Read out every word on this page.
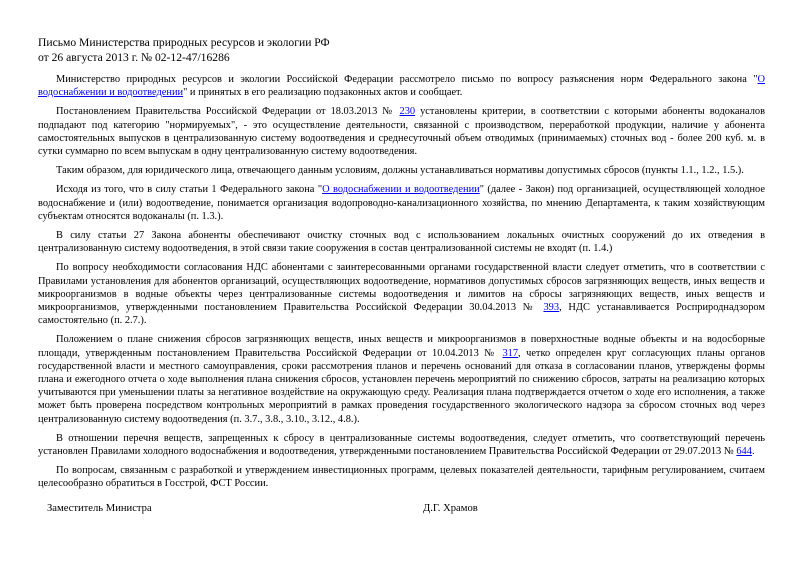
Письмо Министерства природных ресурсов и экологии РФ
от 26 августа 2013 г. № 02-12-47/16286

Министерство природных ресурсов и экологии Российской Федерации рассмотрело письмо по вопросу разъяснения норм Федерального закона "О водоснабжении и водоотведении" и принятых в его реализацию подзаконных актов и сообщает.

Постановлением Правительства Российской Федерации от 18.03.2013 № 230 установлены критерии, в соответствии с которыми абоненты водоканалов подпадают под категорию "нормируемых", - это осуществление деятельности, связанной с производством, переработкой продукции, наличие у абонента самостоятельных выпусков в централизованную систему водоотведения и среднесуточный объем отводимых (принимаемых) сточных вод - более 200 куб. м. в сутки суммарно по всем выпускам в одну централизованную систему водоотведения.

Таким образом, для юридического лица, отвечающего данным условиям, должны устанавливаться нормативы допустимых сбросов (пункты 1.1., 1.2., 1.5.).

Исходя из того, что в силу статьи 1 Федерального закона "О водоснабжении и водоотведении" (далее - Закон) под организацией, осуществляющей холодное водоснабжение и (или) водоотведение, понимается организация водопроводно-канализационного хозяйства, по мнению Департамента, к таким хозяйствующим субъектам относятся водоканалы (п. 1.3.).

В силу статьи 27 Закона абоненты обеспечивают очистку сточных вод с использованием локальных очистных сооружений до их отведения в централизованную систему водоотведения, в этой связи такие сооружения в состав централизованной системы не входят (п. 1.4.)

По вопросу необходимости согласования НДС абонентами с заинтересованными органами государственной власти следует отметить, что в соответствии с Правилами установления для абонентов организаций, осуществляющих водоотведение, нормативов допустимых сбросов загрязняющих веществ, иных веществ и микроорганизмов в водные объекты через централизованные системы водоотведения и лимитов на сбросы загрязняющих веществ, иных веществ и микроорганизмов, утвержденными постановлением Правительства Российской Федерации 30.04.2013 № 393, НДС устанавливается Росприроднадзором самостоятельно (п. 2.7.).

Положением о плане снижения сбросов загрязняющих веществ, иных веществ и микроорганизмов в поверхностные водные объекты и на водосборные площади, утвержденным постановлением Правительства Российской Федерации от 10.04.2013 № 317, четко определен круг согласующих планы органов государственной власти и местного самоуправления, сроки рассмотрения планов и перечень оснований для отказа в согласовании планов, утверждены формы плана и ежегодного отчета о ходе выполнения плана снижения сбросов, установлен перечень мероприятий по снижению сбросов, затраты на реализацию которых учитываются при уменьшении платы за негативное воздействие на окружающую среду. Реализация плана подтверждается отчетом о ходе его исполнения, а также может быть проверена посредством контрольных мероприятий в рамках проведения государственного экологического надзора за сбросом сточных вод через централизованную систему водоотведения (п. 3.7., 3.8., 3.10., 3.12., 4.8.).

В отношении перечня веществ, запрещенных к сбросу в централизованные системы водоотведения, следует отметить, что соответствующий перечень установлен Правилами холодного водоснабжения и водоотведения, утвержденными постановлением Правительства Российской Федерации от 29.07.2013 № 644.

По вопросам, связанным с разработкой и утверждением инвестиционных программ, целевых показателей деятельности, тарифным регулированием, считаем целесообразно обратиться в Госстрой, ФСТ России.

Заместитель Министра	Д.Г. Храмов
